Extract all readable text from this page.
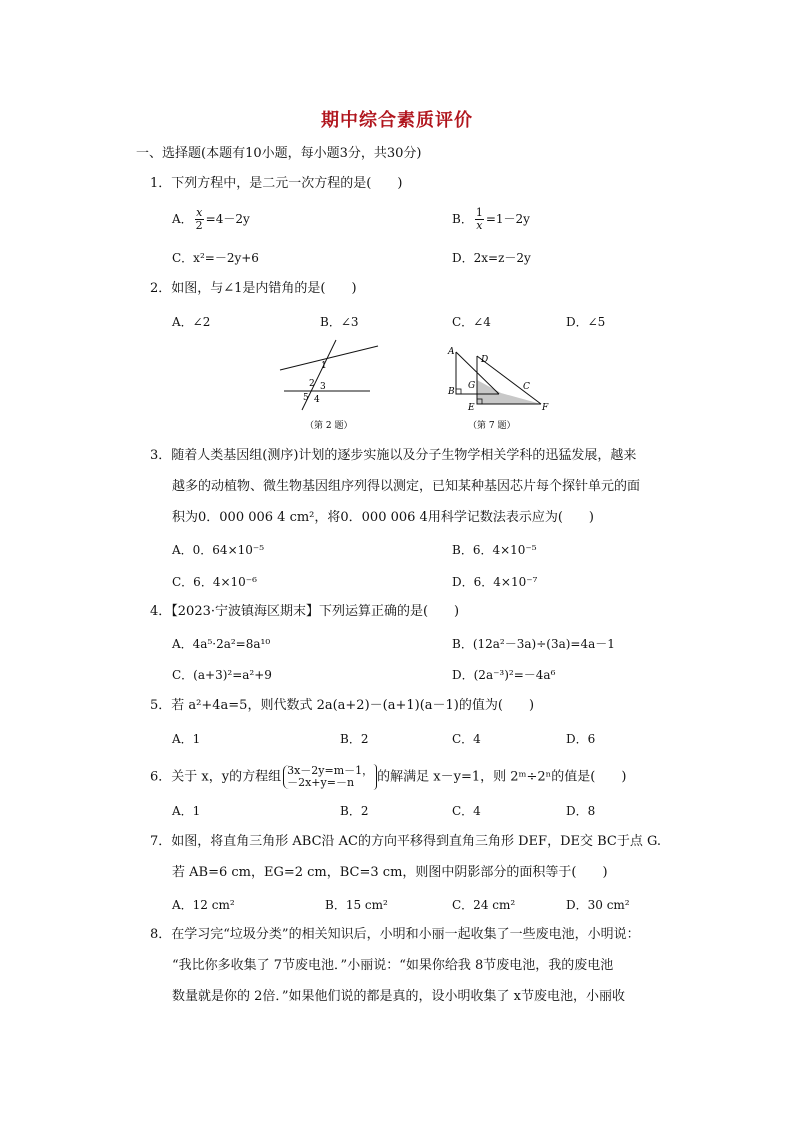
期中综合素质评价
一、选择题(本题有10小题，每小题3分，共30分)
1．下列方程中，是二元一次方程的是(　　)
A． $\frac{x}{2} =4-2y$	B． $\frac{1}{x} =1-2y$
C．x²=－2y+6	D．2x=z－2y
2．如图，与∠1是内错角的是(　　)
A．∠2	B．∠3	C．∠4	D．∠5
1
2 3
4
5
（第 2 题）
A
B	C
D
E	F
G
（第 7 题）
3．随着人类基因组(测序)计划的逐步实施以及分子生物学相关学科的迅猛发展，越来
越多的动植物、微生物基因组序列得以测定，已知某种基因芯片每个探针单元的面
积为0．000 006 4 cm²，将0．000 006 4用科学记数法表示应为(　　)
A．0．64×10⁻⁵	B．6．4×10⁻⁵
C．6．4×10⁻⁶	D．6．4×10⁻⁷
4．【2023·宁波镇海区期末】下列运算正确的是(　　)
A．4a⁵·2a²=8a¹⁰	B．(12a²－3a)÷(3a)=4a－1
C．(a+3)²=a²+9	D．(2a⁻³)²=－4a⁶
5．若 a²+4a=5，则代数式 2a(a+2)－(a+1)(a－1)的值为(　　)
A．1	B．2	C．4	D．6
6．关于 x，y的方程组 3x－2y=m－1，
－2x+y=－n	的解满足 x－y=1，则 2ᵐ÷2ⁿ的值是(　　)
A．1	B．2	C．4	D．8
7．如图，将直角三角形 ABC沿 AC的方向平移得到直角三角形 DEF，DE交 BC于点 G.
若 AB=6 cm，EG=2 cm，BC=3 cm，则图中阴影部分的面积等于(　　)
A．12 cm²	B．15 cm²	C．24 cm²	D．30 cm²
8．在学习完“垃圾分类”的相关知识后，小明和小丽一起收集了一些废电池，小明说：
“我比你多收集了 7节废电池．”小丽说：“如果你给我 8节废电池，我的废电池
数量就是你的 2倍．”如果他们说的都是真的，设小明收集了 x节废电池，小丽收
